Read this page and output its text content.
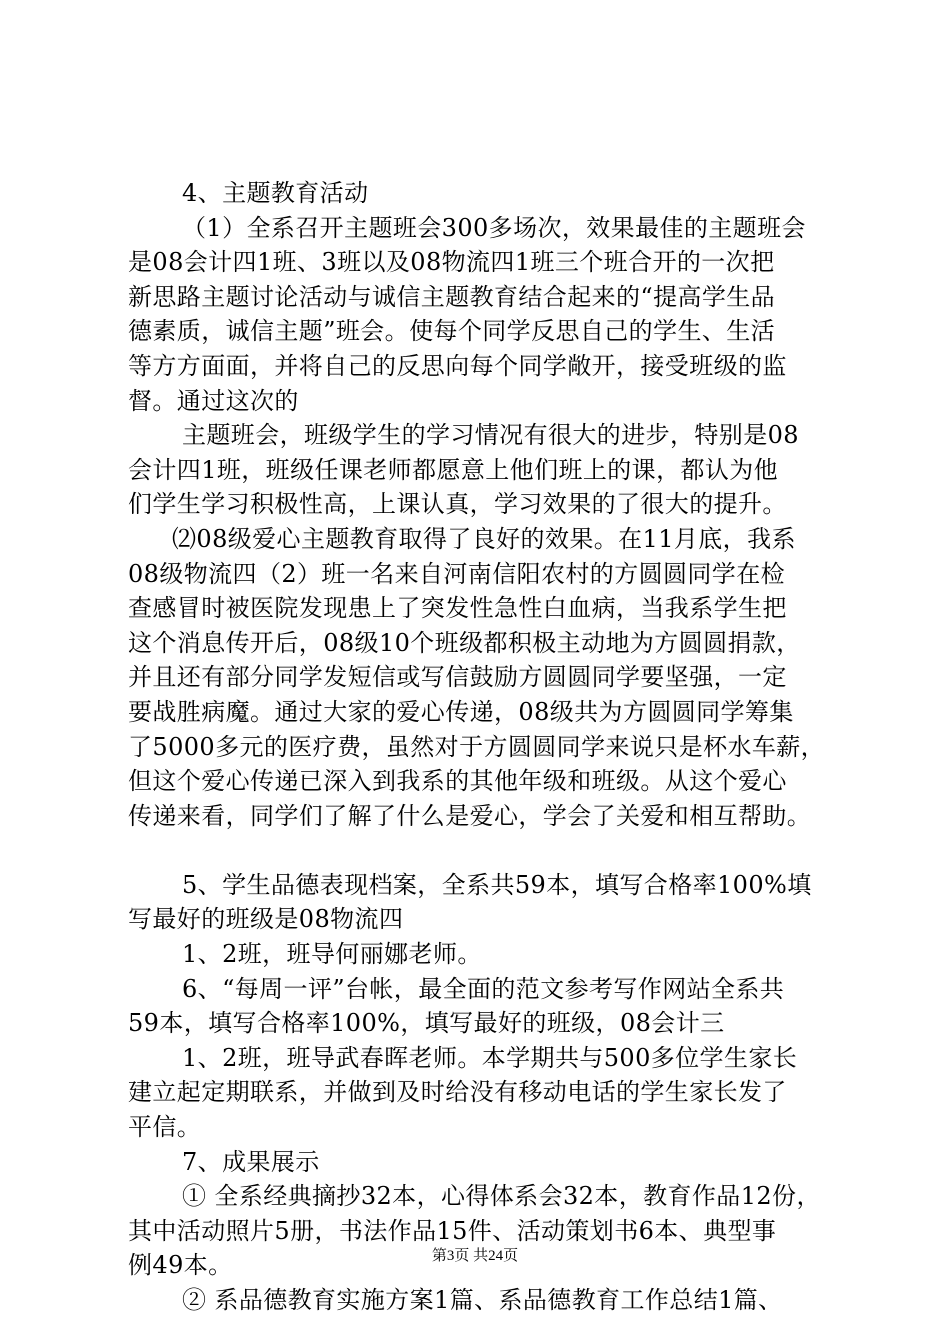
4、主题教育活动
（1）全系召开主题班会300多场次，效果最佳的主题班会
是08会计四1班、3班以及08物流四1班三个班合开的一次把
新思路主题讨论活动与诚信主题教育结合起来的“提高学生品
德素质，诚信主题”班会。使每个同学反思自己的学生、生活
等方方面面，并将自己的反思向每个同学敞开，接受班级的监
督。通过这次的
主题班会，班级学生的学习情况有很大的进步，特别是08
会计四1班，班级任课老师都愿意上他们班上的课，都认为他
们学生学习积极性高，上课认真，学习效果的了很大的提升。
⑵08级爱心主题教育取得了良好的效果。在11月底，我系
08级物流四（2）班一名来自河南信阳农村的方圆圆同学在检
查感冒时被医院发现患上了突发性急性白血病，当我系学生把
这个消息传开后，08级10个班级都积极主动地为方圆圆捐款，
并且还有部分同学发短信或写信鼓励方圆圆同学要坚强，一定
要战胜病魔。通过大家的爱心传递，08级共为方圆圆同学筹集
了5000多元的医疗费，虽然对于方圆圆同学来说只是杯水车薪，
但这个爱心传递已深入到我系的其他年级和班级。从这个爱心
传递来看，同学们了解了什么是爱心，学会了关爱和相互帮助。
5、学生品德表现档案，全系共59本，填写合格率100%填
写最好的班级是08物流四
1、2班，班导何丽娜老师。
6、“每周一评”台帐，最全面的范文参考写作网站全系共
59本，填写合格率100%，填写最好的班级，08会计三
1、2班，班导武春晖老师。本学期共与500多位学生家长
建立起定期联系，并做到及时给没有移动电话的学生家长发了
平信。
7、成果展示
① 全系经典摘抄32本，心得体系会32本，教育作品12份，
其中活动照片5册，书法作品15件、活动策划书6本、典型事
例49本。
② 系品德教育实施方案1篇、系品德教育工作总结1篇、
第3页 共24页
